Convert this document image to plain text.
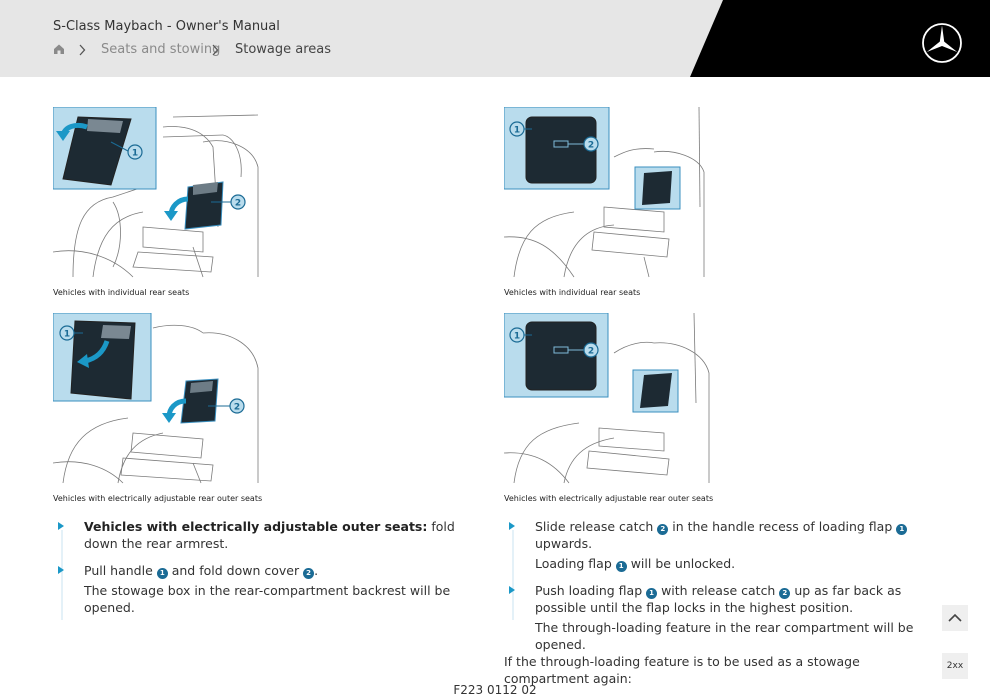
S-Class Maybach - Owner's Manual
Seats and stowing Stowage areas
2
1
Vehicles with individual rear seats
1
2
Vehicles with individual rear seats
2
1
Vehicles with electrically adjustable rear outer seats
1
2
Vehicles with electrically adjustable rear outer seats

Vehicles with electrically adjustable outer seats: fold down the rear armrest.

Pull handle 1 and fold down cover 2 .

The stowage box in the rear-compartment backrest will be opened.

Slide release catch 2 in the handle recess of loading flap 1 upwards.

Loading flap 1 will be unlocked.

Push loading flap 1 with release catch 2 up as far back as possible until the flap locks in the highest position.

The through-loading feature in the rear compartment will be opened.

If the through-loading feature is to be used as a stowage compartment again:

2xx
F223 0112 02
